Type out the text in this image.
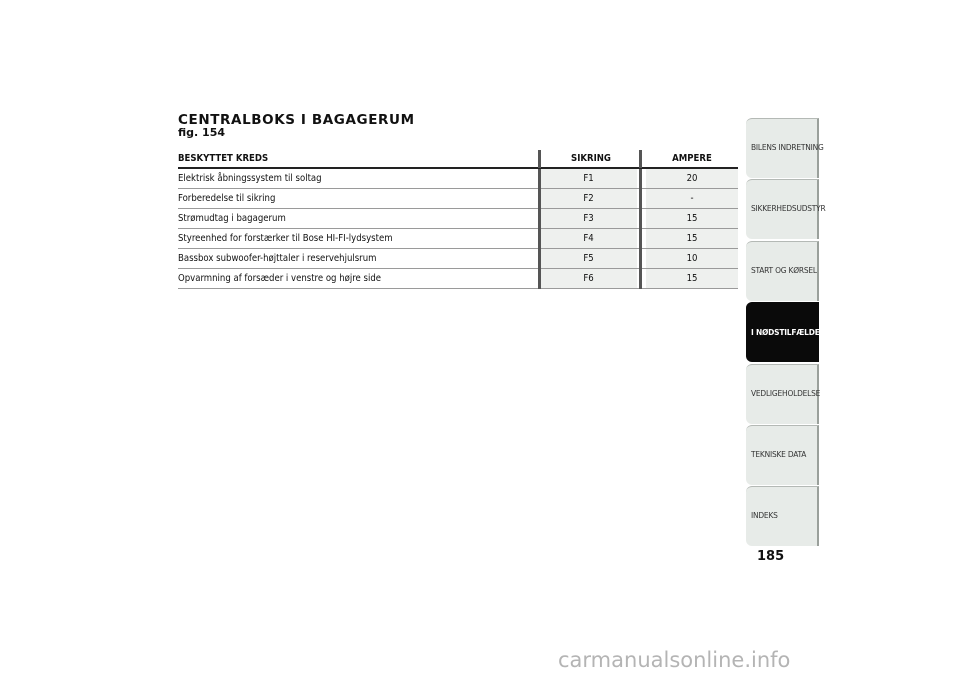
CENTRALBOKS I BAGAGERUM
fig. 154
BESKYTTET KREDS	SIKRING	AMPERE
Elektrisk åbningssystem til soltag	F1	20
Forberedelse til sikring	F2	-
Strømudtag i bagagerum	F3	15
Styreenhed for forstærker til Bose HI-FI-lydsystem	F4	15
Bassbox subwoofer-højttaler i reservehjulsrum	F5	10
Opvarmning af forsæder i venstre og højre side	F6	15
BILENS INDRETNING
SIKKERHEDSUDSTYR
START OG KØRSEL
I NØDSTILFÆLDE
VEDLIGEHOLDELSE
TEKNISKE DATA
INDEKS
185
carmanualsonline.info
